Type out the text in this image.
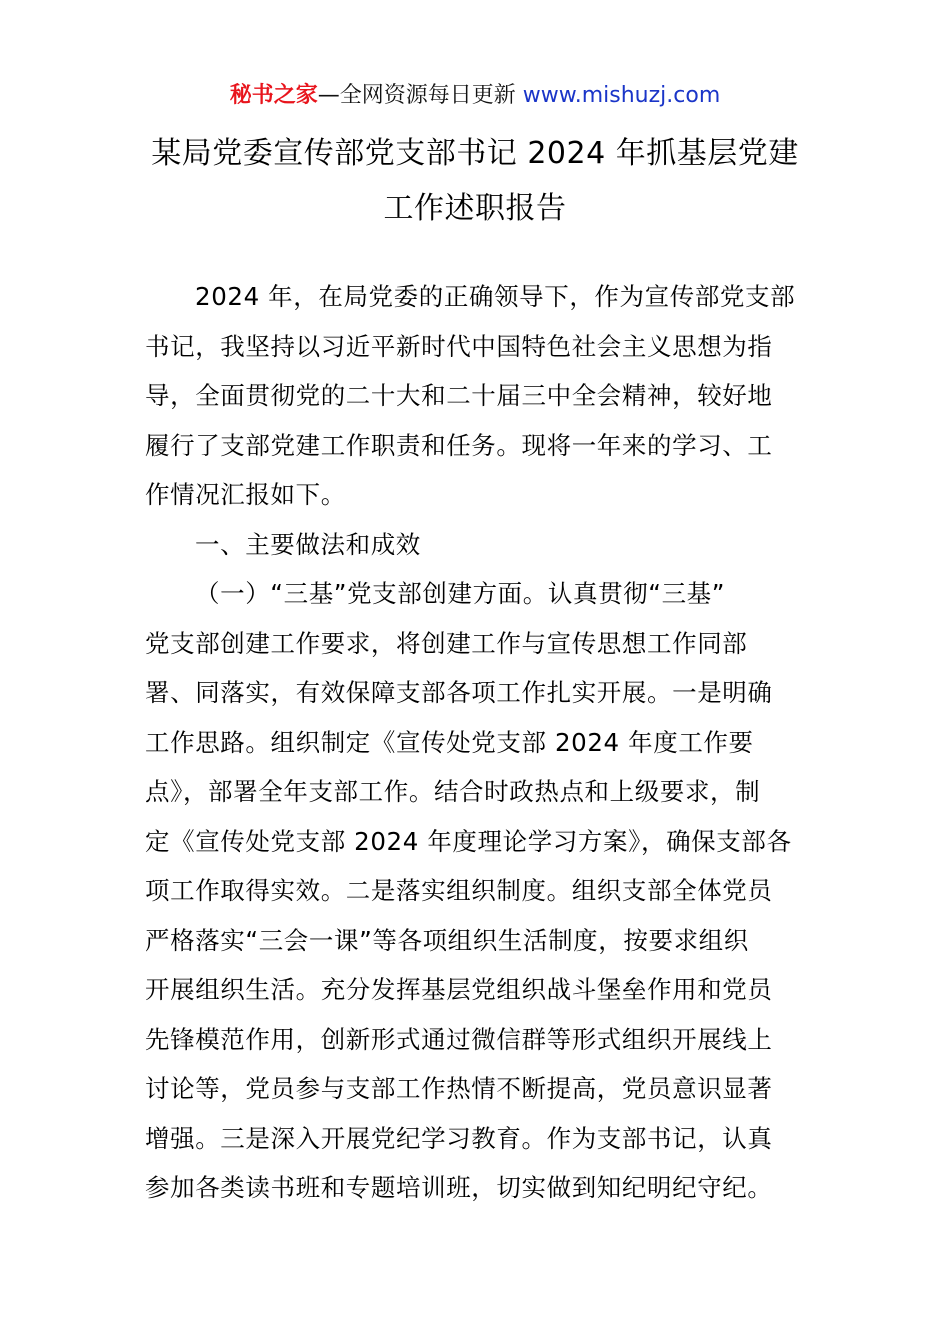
秘书之家—全网资源每日更新 www.mishuzj.com
某局党委宣传部党支部书记 2024 年抓基层党建
工作述职报告
2024 年，在局党委的正确领导下，作为宣传部党支部
书记，我坚持以习近平新时代中国特色社会主义思想为指
导，全面贯彻党的二十大和二十届三中全会精神，较好地
履行了支部党建工作职责和任务。现将一年来的学习、工
作情况汇报如下。
一、主要做法和成效
（一）“三基”党支部创建方面。认真贯彻“三基”
党支部创建工作要求，将创建工作与宣传思想工作同部
署、同落实，有效保障支部各项工作扎实开展。一是明确
工作思路。组织制定《宣传处党支部 2024 年度工作要
点》，部署全年支部工作。结合时政热点和上级要求，制
定《宣传处党支部 2024 年度理论学习方案》，确保支部各
项工作取得实效。二是落实组织制度。组织支部全体党员
严格落实“三会一课”等各项组织生活制度，按要求组织
开展组织生活。充分发挥基层党组织战斗堡垒作用和党员
先锋模范作用，创新形式通过微信群等形式组织开展线上
讨论等，党员参与支部工作热情不断提高，党员意识显著
增强。三是深入开展党纪学习教育。作为支部书记，认真
参加各类读书班和专题培训班，切实做到知纪明纪守纪。
